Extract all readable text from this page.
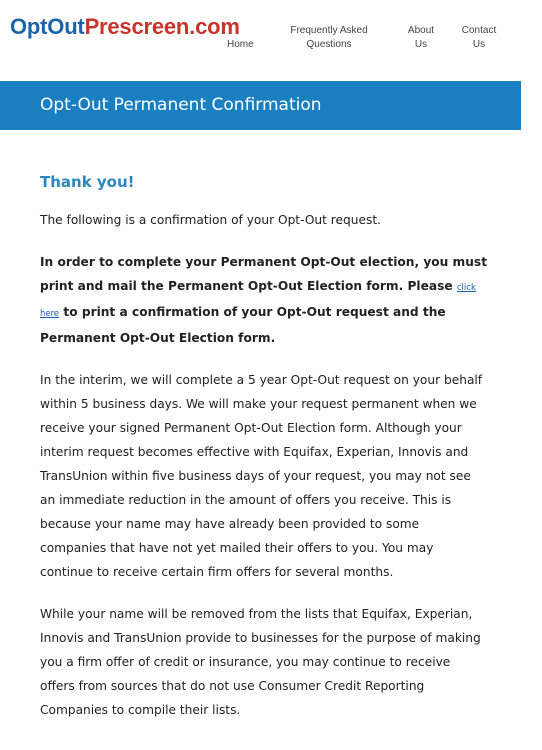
OptOutPrescreen.com
Home
Frequently Asked Questions
About Us
Contact Us
Opt-Out Permanent Confirmation
Thank you!

The following is a confirmation of your Opt-Out request.

In order to complete your Permanent Opt-Out election, you must print and mail the Permanent Opt-Out Election form. Please click here to print a confirmation of your Opt-Out request and the Permanent Opt-Out Election form.

In the interim, we will complete a 5 year Opt-Out request on your behalf within 5 business days. We will make your request permanent when we receive your signed Permanent Opt-Out Election form. Although your interim request becomes effective with Equifax, Experian, Innovis and TransUnion within five business days of your request, you may not see an immediate reduction in the amount of offers you receive. This is because your name may have already been provided to some companies that have not yet mailed their offers to you. You may continue to receive certain firm offers for several months.

While your name will be removed from the lists that Equifax, Experian, Innovis and TransUnion provide to businesses for the purpose of making you a firm offer of credit or insurance, you may continue to receive offers from sources that do not use Consumer Credit Reporting Companies to compile their lists.
